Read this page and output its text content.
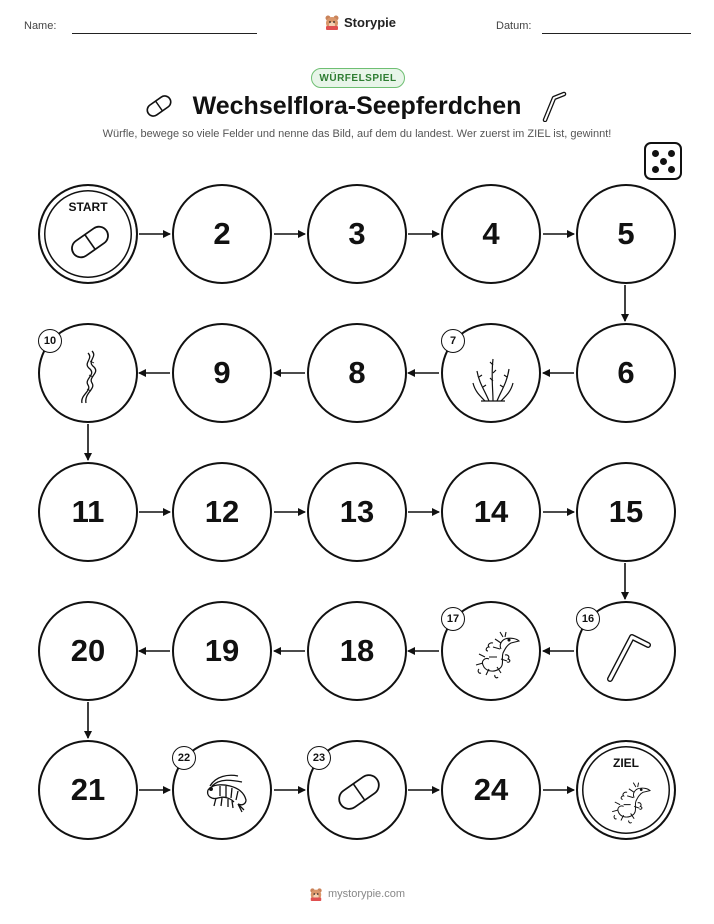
Name:	Storypie	Datum:
WÜRFELSPIEL
Wechselflora-Seepferdchen
Würfle, bewege so viele Felder und nenne das Bild, auf dem du landest. Wer zuerst im ZIEL ist, gewinnt!
START
2	3	4	5
10
9	8
7
6
11	12	13	14	15
20	19	18
17	16
21
22	23
24
ZIEL
mystorypie.com
